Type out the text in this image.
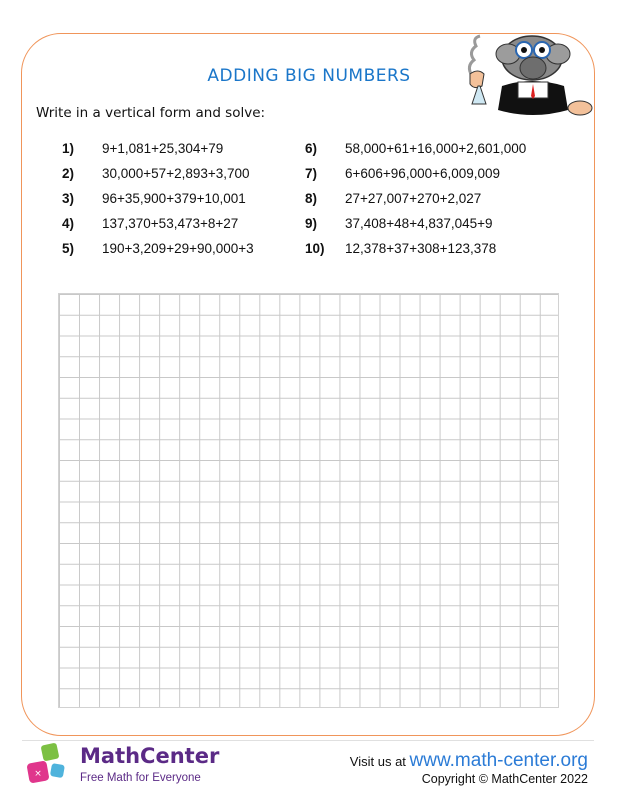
ADDING BIG NUMBERS
Write in a vertical form and solve:
1) 9+1,081+25,304+79
2) 30,000+57+2,893+3,700
3) 96+35,900+379+10,001
4) 137,370+53,473+8+27
5) 190+3,209+29+90,000+3
6) 58,000+61+16,000+2,601,000
7) 6+606+96,000+6,009,009
8) 27+27,007+270+2,027
9) 37,408+48+4,837,045+9
10) 12,378+37+308+123,378
×
MathCenter
Free Math for Everyone
Visit us at www.math-center.org
Copyright © MathCenter 2022
